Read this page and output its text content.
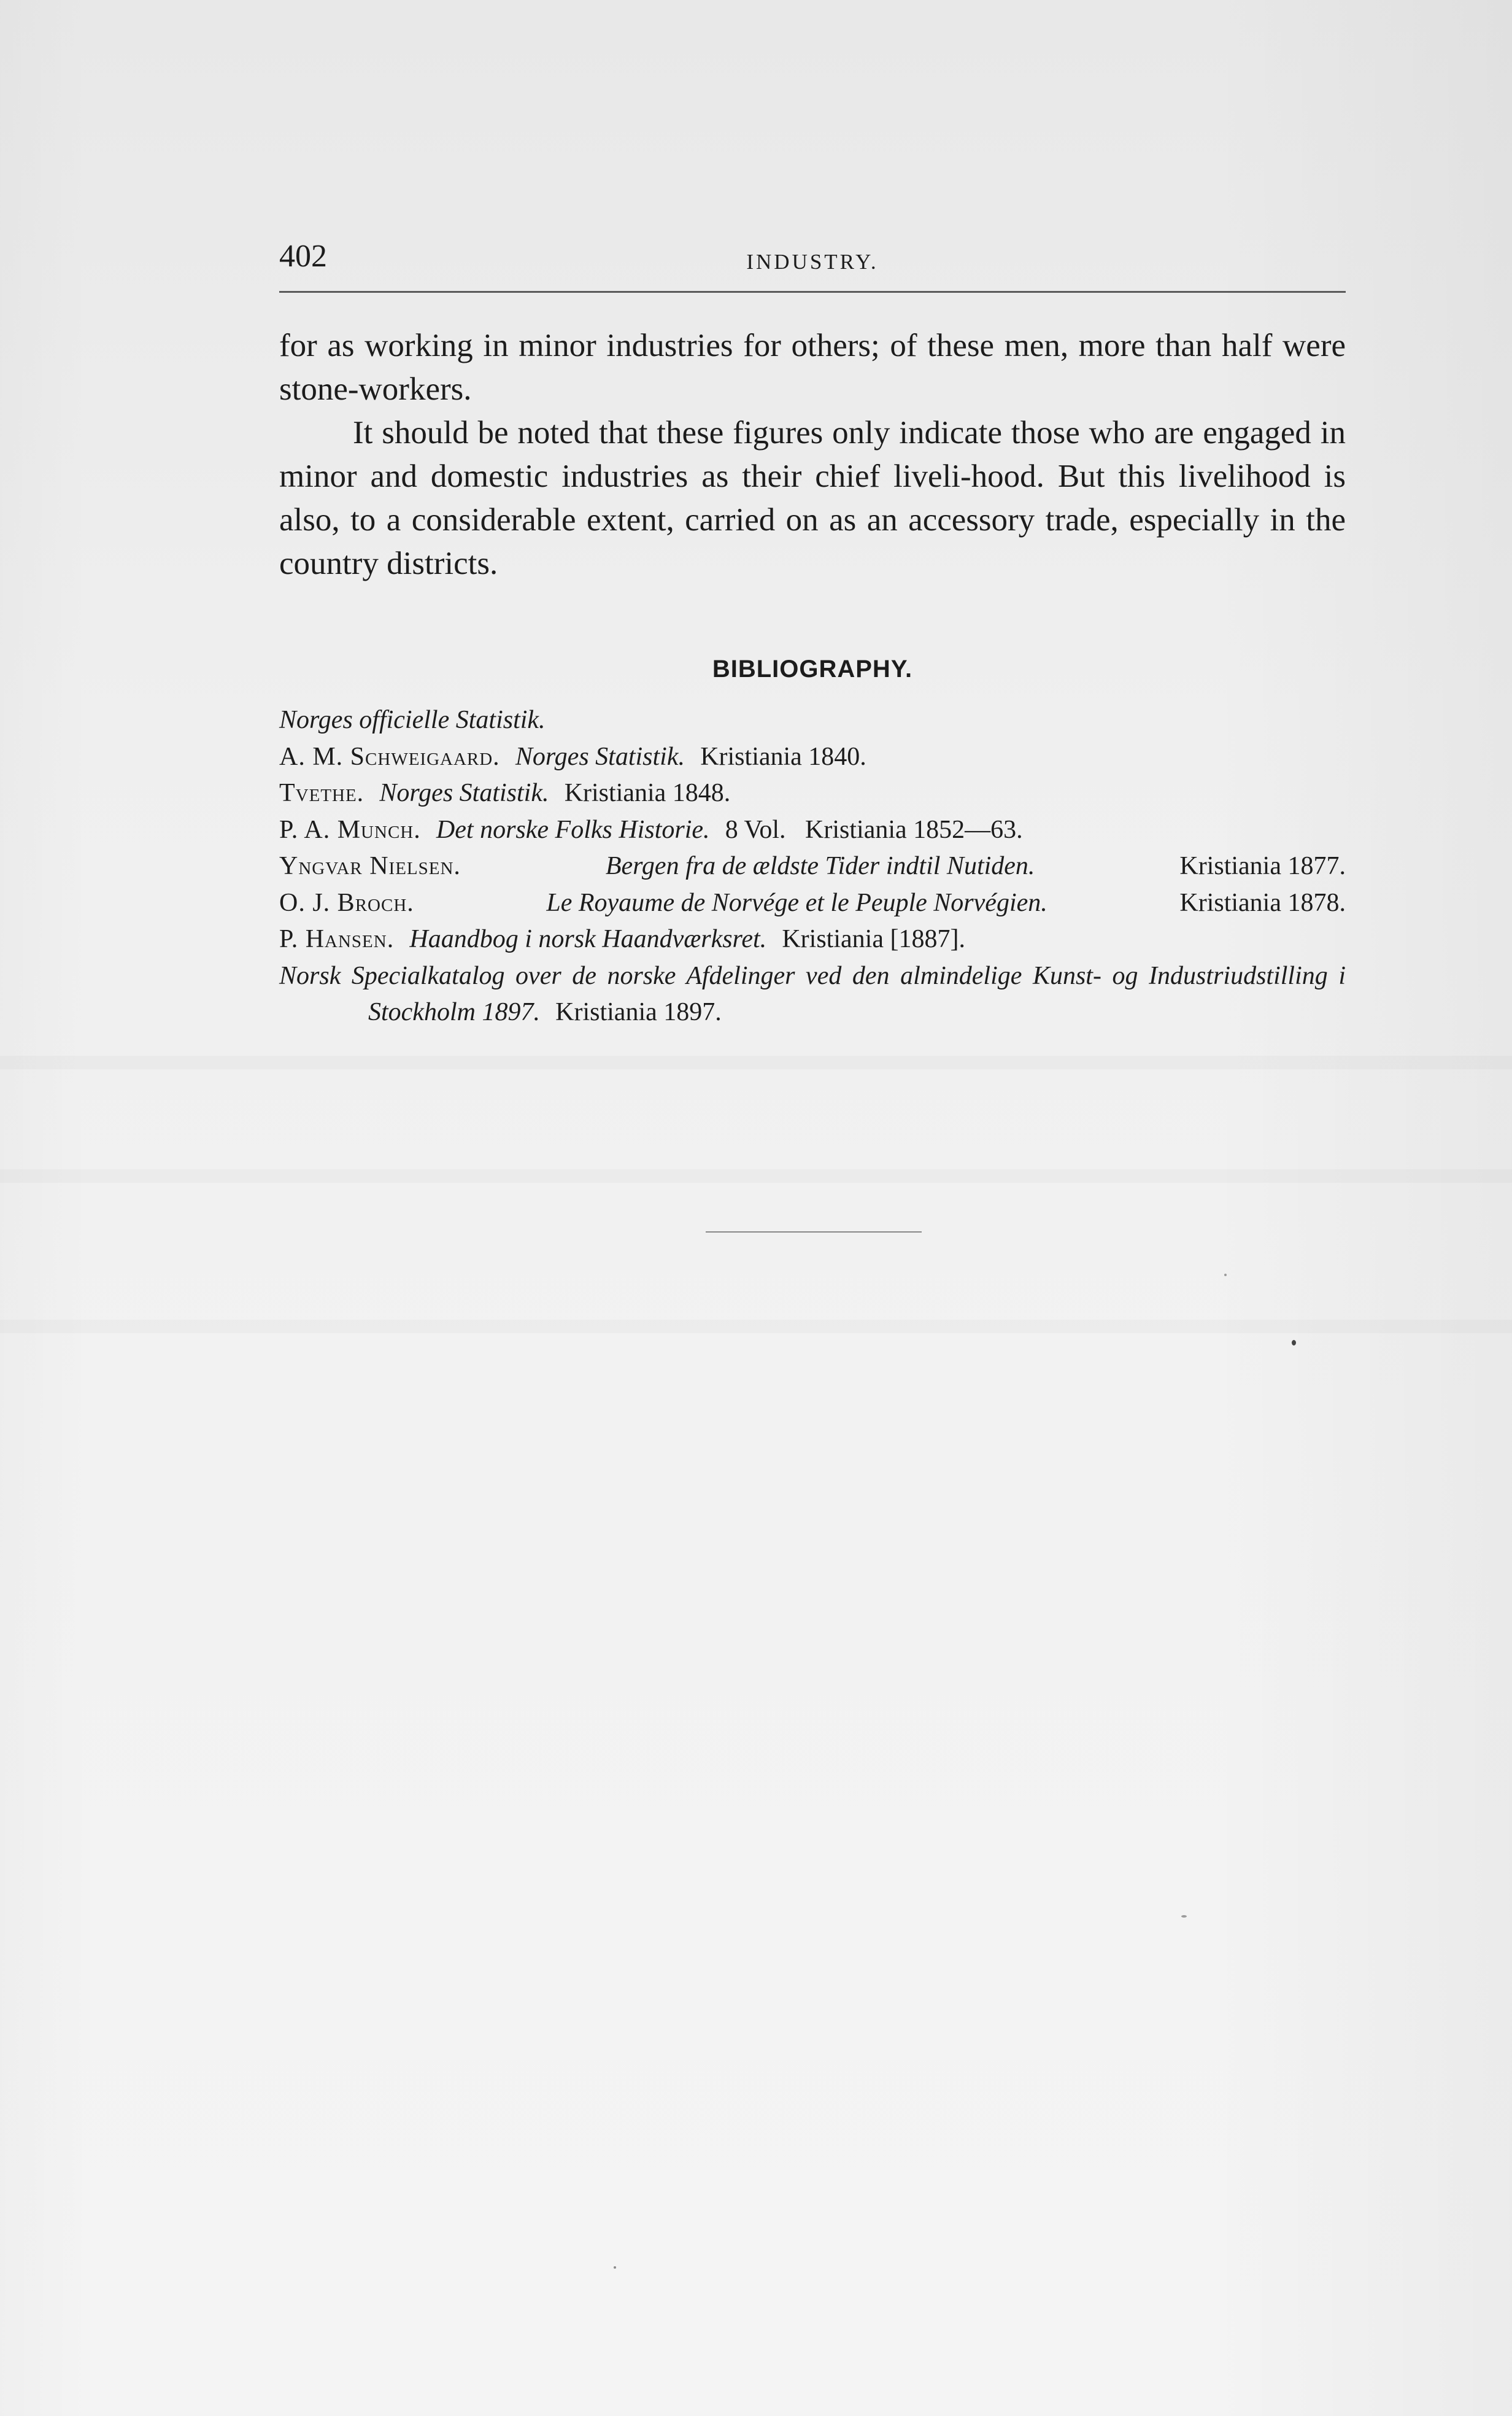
402	INDUSTRY.

for as working in minor industries for others; of these men, more than half were stone-workers.

It should be noted that these figures only indicate those who are engaged in minor and domestic industries as their chief liveli-hood. But this livelihood is also, to a considerable extent, carried on as an accessory trade, especially in the country districts.

BIBLIOGRAPHY.
Norges officielle Statistik.
A. M. Schweigaard. Norges Statistik. Kristiania 1840.
Tvethe. Norges Statistik. Kristiania 1848.
P. A. Munch. Det norske Folks Historie. 8 Vol.   Kristiania 1852—63.
Yngvar Nielsen.	Bergen fra de ældste Tider indtil Nutiden.	Kristiania 1877.
O. J. Broch.	Le Royaume de Norvége et le Peuple Norvégien.	Kristiania 1878.
P. Hansen. Haandbog i norsk Haandværksret. Kristiania [1887].
Norsk Specialkatalog over de norske Afdelinger ved den almindelige Kunst- og Industriudstilling i Stockholm 1897. Kristiania 1897.
